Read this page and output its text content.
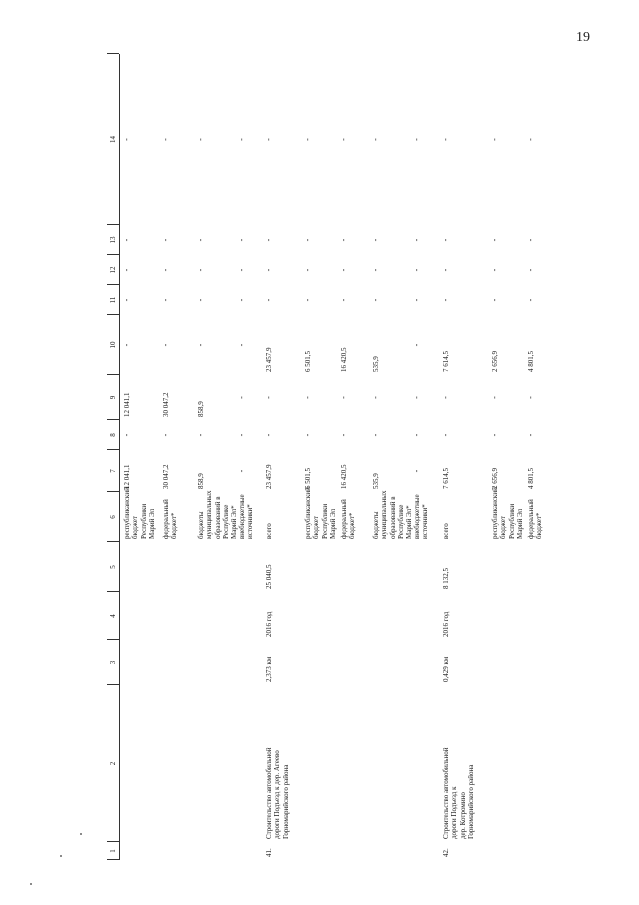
19
1
2
3
4
5
6
7
8
9
10
11
12
13
14
республиканский
бюджет
Республики
Марий Эл
12 041,1
-
12 041,1
-
-
-
-
-
федеральный
бюджет*
30 047,2
-
30 047,2
-
-
-
-
-
бюджеты
муниципальных
образований в
Республике
Марий Эл*
858,9
-
858,9
-
-
-
-
-
внебюджетные
источники*
-
-
-
-
-
-
-
-
41.
Строительство автомобильной
дороги Подъезд к дер. Агеево
Горномарийского района
2,373 км
2016 год
25 040,5
всего
23 457,9
-
-
23 457,9
-
-
-
-
республиканский
бюджет
Республики
Марий Эл
6 501,5
-
-
6 501,5
-
-
-
-
федеральный
бюджет*
16 420,5
-
-
16 420,5
-
-
-
-
бюджеты
муниципальных
образований в
Республике
Марий Эл*
535,9
-
-
535,9
-
-
-
-
внебюджетные
источники*
-
-
-
-
-
-
-
-
42.
Строительство автомобильной
дороги Подъезд к
дер. Котромино
Горномарийского района
0,429 км
2016 год
8 132,5
всего
7 614,5
-
-
7 614,5
-
-
-
-
республиканский
бюджет
Республики
Марий Эл
2 656,9
-
-
2 656,9
-
-
-
-
федеральный
бюджет*
4 801,5
-
-
4 801,5
-
-
-
-
